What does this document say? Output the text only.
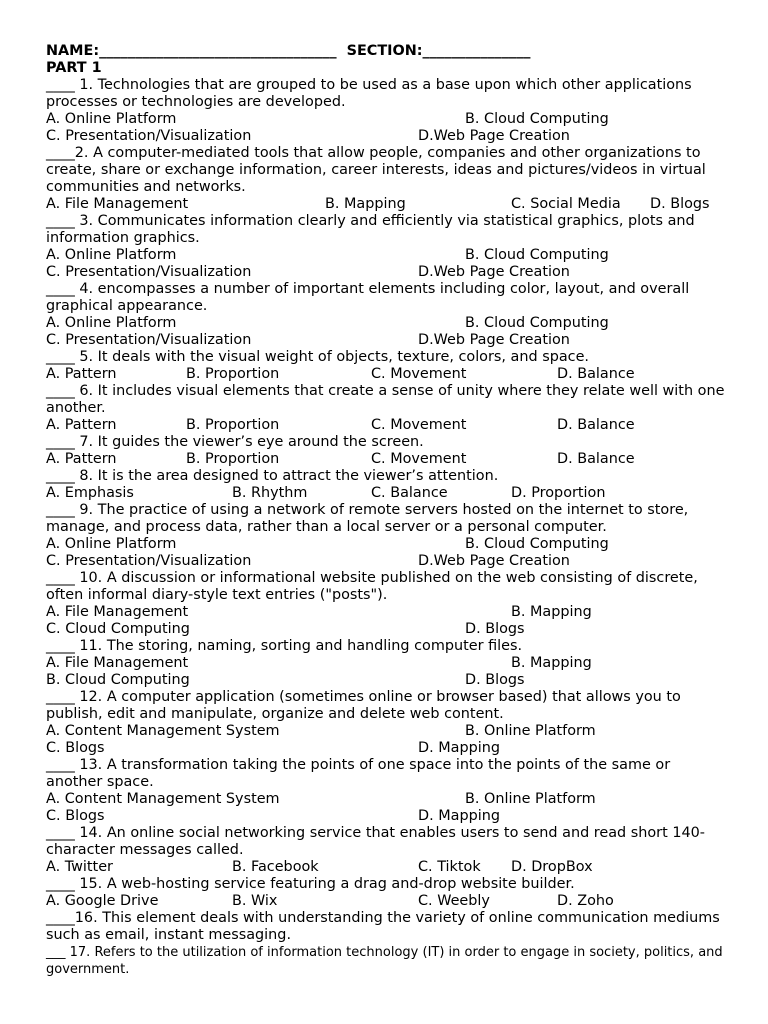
NAME:_________________________________ SECTION:_______________
PART 1
____ 1. Technologies that are grouped to be used as a base upon which other applications processes or technologies are developed.
A. Online Platform	B. Cloud Computing
C. Presentation/Visualization	D.Web Page Creation
____2. A computer-mediated tools that allow people, companies and other organizations to create, share or exchange information, career interests, ideas and pictures/videos in virtual communities and networks.
A. File Management	B. Mapping	C. Social Media D. Blogs
____ 3. Communicates information clearly and efficiently via statistical graphics, plots and information graphics.
A. Online Platform	B. Cloud Computing
C. Presentation/Visualization	D.Web Page Creation
____ 4. encompasses a number of important elements including color, layout, and overall graphical appearance.
A. Online Platform	B. Cloud Computing
C. Presentation/Visualization	D.Web Page Creation
____ 5. It deals with the visual weight of objects, texture, colors, and space.
A. Pattern	B. Proportion	C. Movement	D. Balance
____ 6. It includes visual elements that create a sense of unity where they relate well with one another.
A. Pattern	B. Proportion	C. Movement	D. Balance
____ 7. It guides the viewer’s eye around the screen.
A. Pattern	B. Proportion	C. Movement	D. Balance
____ 8. It is the area designed to attract the viewer’s attention.
A. Emphasis	B. Rhythm	C. Balance	D. Proportion
____ 9. The practice of using a network of remote servers hosted on the internet to store, manage, and process data, rather than a local server or a personal computer.
A. Online Platform	B. Cloud Computing
C. Presentation/Visualization	D.Web Page Creation
____ 10. A discussion or informational website published on the web consisting of discrete, often informal diary-style text entries ("posts").
A. File Management	B. Mapping
C. Cloud Computing	D. Blogs
____ 11. The storing, naming, sorting and handling computer files.
A. File Management	B. Mapping
B. Cloud Computing	D. Blogs
____ 12. A computer application (sometimes online or browser based) that allows you to publish, edit and manipulate, organize and delete web content.
A. Content Management System	B. Online Platform
C. Blogs	D. Mapping
____ 13. A transformation taking the points of one space into the points of the same or another space.
A. Content Management System	B. Online Platform
C. Blogs	D. Mapping
____ 14. An online social networking service that enables users to send and read short 140- character messages called.
A. Twitter	B. Facebook	C. Tiktok D. DropBox
____ 15. A web-hosting service featuring a drag and-drop website builder.
A. Google Drive	B. Wix	C. Weebly	D. Zoho
____16. This element deals with understanding the variety of online communication mediums such as email, instant messaging.
___ 17. Refers to the utilization of information technology (IT) in order to engage in society, politics, and government.
